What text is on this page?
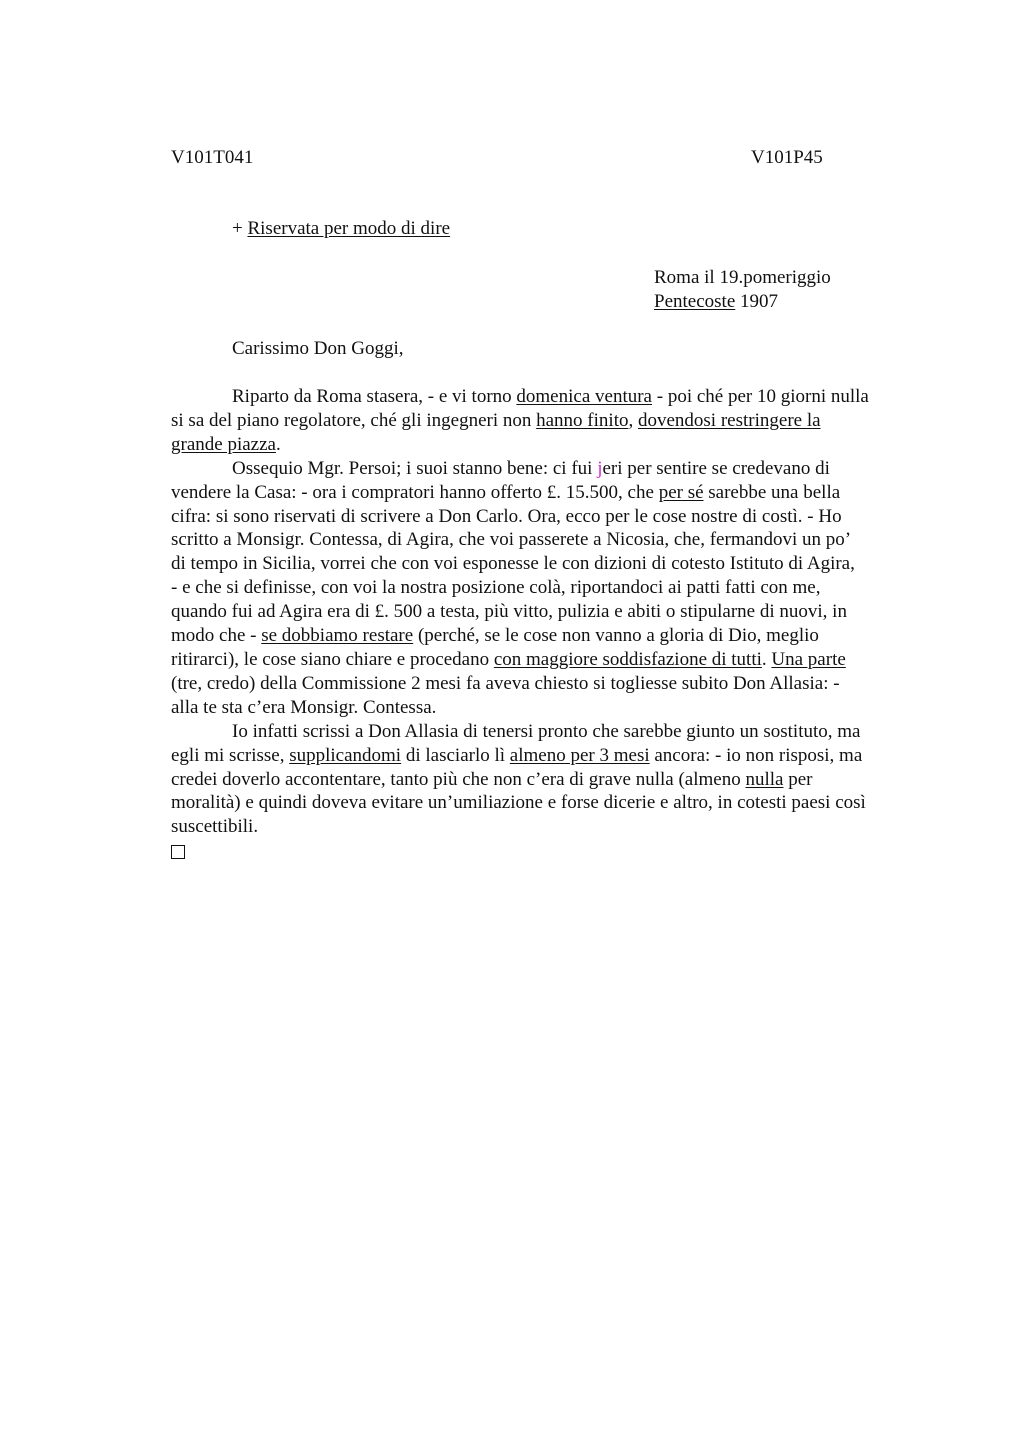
V101T041	V101P45
+ Riservata per modo di dire
Roma il 19.pomeriggio
Pentecoste 1907
Carissimo Don Goggi,
Riparto da Roma stasera, - e vi torno domenica ventura - poi ché per 10 giorni nulla
si sa del piano regolatore, ché gli ingegneri non hanno finito, dovendosi restringere la
grande piazza.
Ossequio Mgr. Persoi; i suoi stanno bene: ci fui jeri per sentire se credevano di
vendere la Casa: - ora i compratori hanno offerto £. 15.500, che per sé sarebbe una bella
cifra: si sono riservati di scrivere a Don Carlo. Ora, ecco per le cose nostre di costì. - Ho
scritto a Monsigr. Contessa, di Agira, che voi passerete a Nicosia, che, fermandovi un po’
di tempo in Sicilia, vorrei che con voi esponesse le con dizioni di cotesto Istituto di Agira,
- e che si definisse, con voi la nostra posizione colà, riportandoci ai patti fatti con me,
quando fui ad Agira era di £. 500 a testa, più vitto, pulizia e abiti o stipularne di nuovi, in
modo che - se dobbiamo restare (perché, se le cose non vanno a gloria di Dio, meglio
ritirarci), le cose siano chiare e procedano con maggiore soddisfazione di tutti. Una parte
(tre, credo) della Commissione 2 mesi fa aveva chiesto si togliesse subito Don Allasia: -
alla te sta c’era Monsigr. Contessa.
Io infatti scrissi a Don Allasia di tenersi pronto che sarebbe giunto un sostituto, ma
egli mi scrisse, supplicandomi di lasciarlo lì almeno per 3 mesi ancora: - io non risposi, ma
credei doverlo accontentare, tanto più che non c’era di grave nulla (almeno nulla per
moralità) e quindi doveva evitare un’umiliazione e forse dicerie e altro, in cotesti paesi così
suscettibili.
